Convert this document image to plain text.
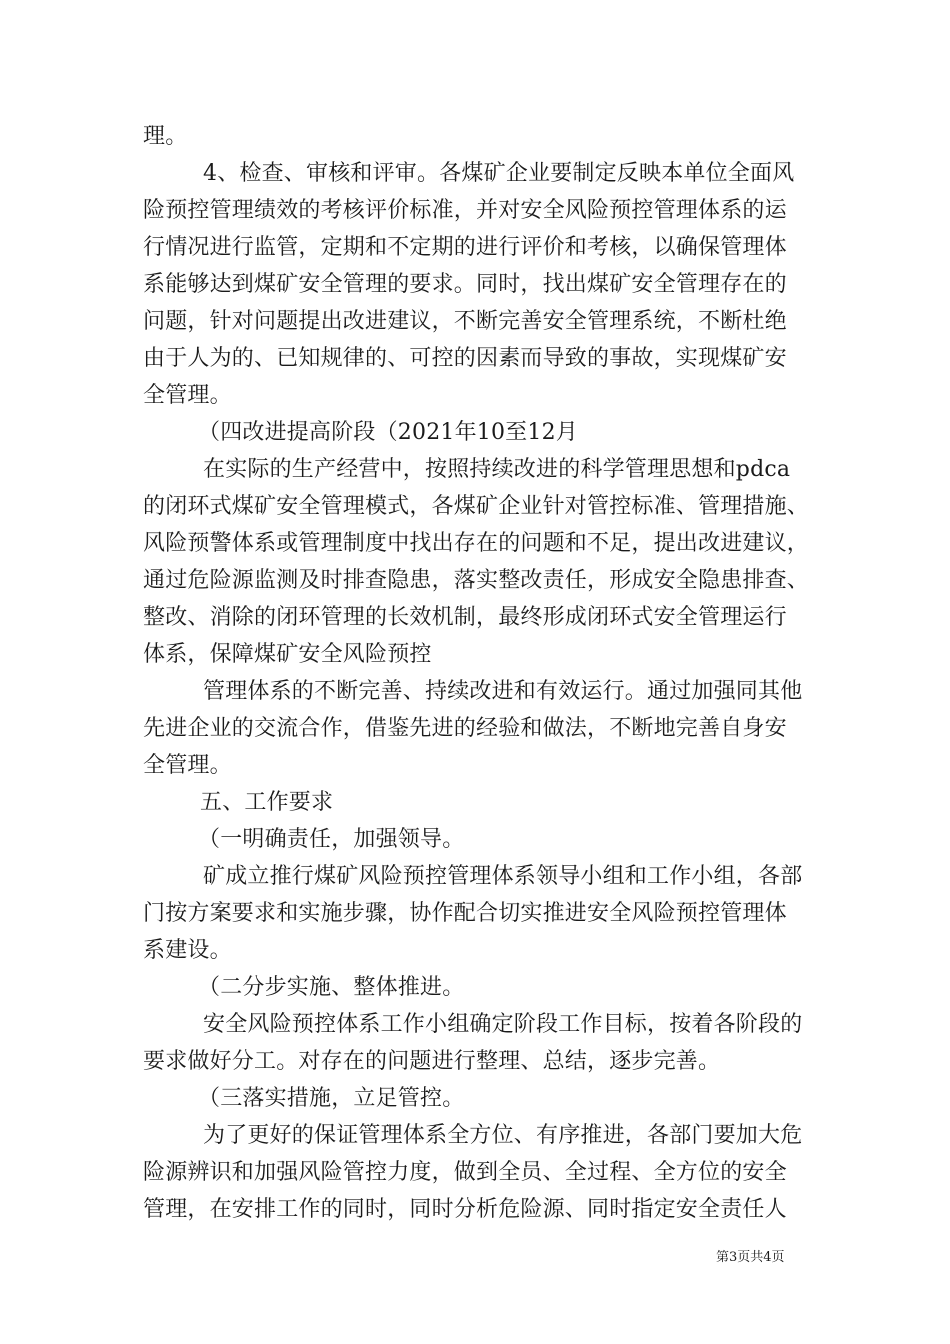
理。
4、检查、审核和评审。各煤矿企业要制定反映本单位全面风
险预控管理绩效的考核评价标准，并对安全风险预控管理体系的运
行情况进行监管，定期和不定期的进行评价和考核，以确保管理体
系能够达到煤矿安全管理的要求。同时，找出煤矿安全管理存在的
问题，针对问题提出改进建议，不断完善安全管理系统，不断杜绝
由于人为的、已知规律的、可控的因素而导致的事故，实现煤矿安
全管理。
（四改进提高阶段（2021年10至12月
在实际的生产经营中，按照持续改进的科学管理思想和pdca
的闭环式煤矿安全管理模式，各煤矿企业针对管控标准、管理措施、
风险预警体系或管理制度中找出存在的问题和不足，提出改进建议，
通过危险源监测及时排查隐患，落实整改责任，形成安全隐患排查、
整改、消除的闭环管理的长效机制，最终形成闭环式安全管理运行
体系，保障煤矿安全风险预控
管理体系的不断完善、持续改进和有效运行。通过加强同其他
先进企业的交流合作，借鉴先进的经验和做法，不断地完善自身安
全管理。
五、工作要求
（一明确责任，加强领导。
矿成立推行煤矿风险预控管理体系领导小组和工作小组，各部
门按方案要求和实施步骤，协作配合切实推进安全风险预控管理体
系建设。
（二分步实施、整体推进。
安全风险预控体系工作小组确定阶段工作目标，按着各阶段的
要求做好分工。对存在的问题进行整理、总结，逐步完善。
（三落实措施，立足管控。
为了更好的保证管理体系全方位、有序推进，各部门要加大危
险源辨识和加强风险管控力度，做到全员、全过程、全方位的安全
管理，在安排工作的同时，同时分析危险源、同时指定安全责任人
第3页共4页
